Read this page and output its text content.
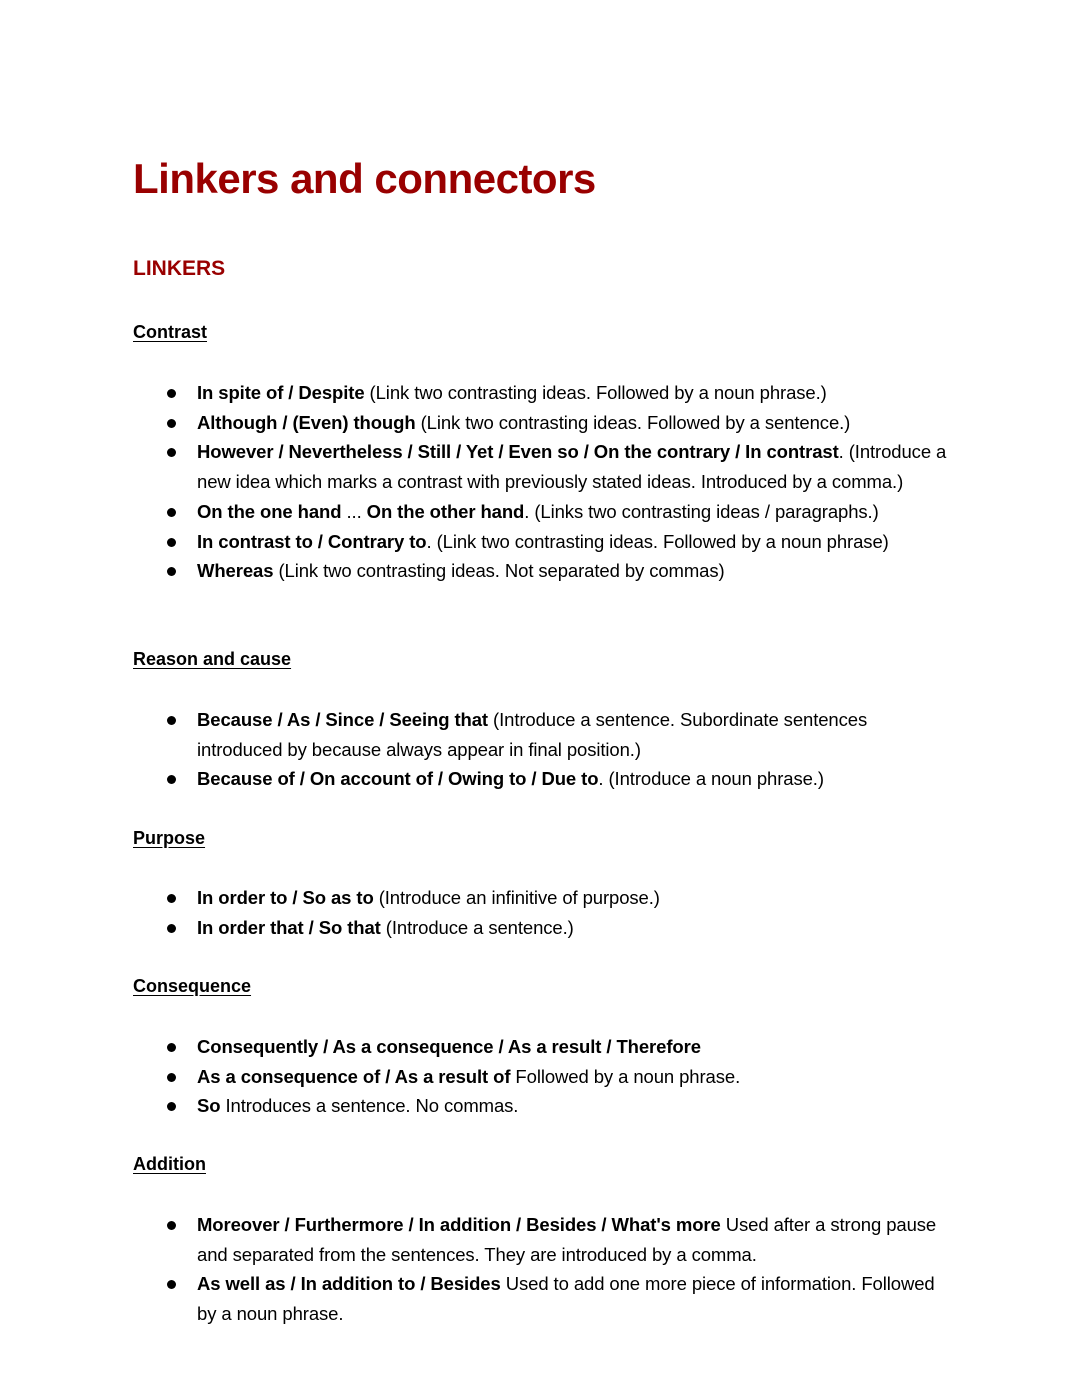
Linkers and connectors
LINKERS
Contrast
In spite of / Despite (Link two contrasting ideas. Followed by a noun phrase.)
Although / (Even) though (Link two contrasting ideas. Followed by a sentence.)
However / Nevertheless / Still / Yet / Even so / On the contrary / In contrast. (Introduce a new idea which marks a contrast with previously stated ideas. Introduced by a comma.)
On the one hand ... On the other hand. (Links two contrasting ideas / paragraphs.)
In contrast to / Contrary to. (Link two contrasting ideas. Followed by a noun phrase)
Whereas (Link two contrasting ideas. Not separated by commas)
Reason and cause
Because / As / Since / Seeing that (Introduce a sentence. Subordinate sentences introduced by because always appear in final position.)
Because of / On account of / Owing to / Due to. (Introduce a noun phrase.)
Purpose
In order to / So as to (Introduce an infinitive of purpose.)
In order that / So that (Introduce a sentence.)
Consequence
Consequently / As a consequence / As a result / Therefore
As a consequence of / As a result of Followed by a noun phrase.
So Introduces a sentence. No commas.
Addition
Moreover / Furthermore / In addition / Besides / What's more Used after a strong pause and separated from the sentences. They are introduced by a comma.
As well as / In addition to / Besides Used to add one more piece of information. Followed by a noun phrase.
